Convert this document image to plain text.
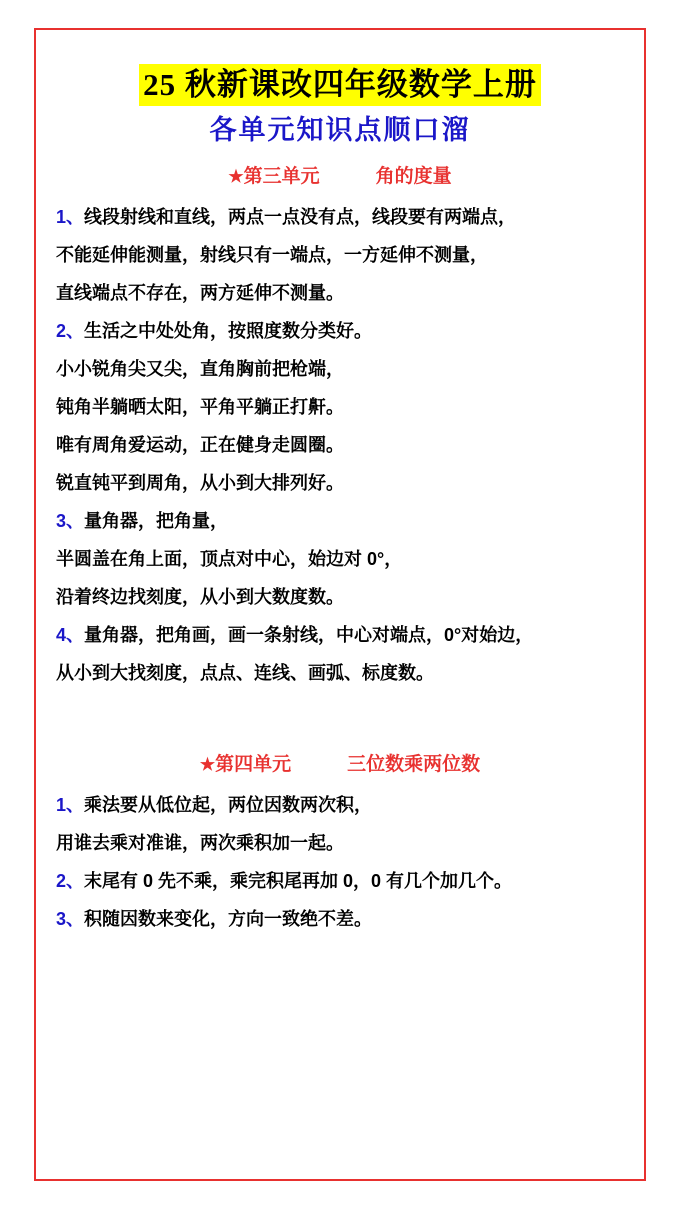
25 秋新课改四年级数学上册
各单元知识点顺口溜
★第三单元	角的度量
1、线段射线和直线，两点一点没有点，线段要有两端点，
不能延伸能测量，射线只有一端点，一方延伸不测量，
直线端点不存在，两方延伸不测量。
2、生活之中处处角，按照度数分类好。
小小锐角尖又尖，直角胸前把枪端，
钝角半躺晒太阳，平角平躺正打鼾。
唯有周角爱运动，正在健身走圆圈。
锐直钝平到周角，从小到大排列好。
3、量角器，把角量，
半圆盖在角上面，顶点对中心，始边对 0°，
沿着终边找刻度，从小到大数度数。
4、量角器，把角画，画一条射线，中心对端点，0°对始边，
从小到大找刻度，点点、连线、画弧、标度数。
★第四单元	三位数乘两位数
1、乘法要从低位起，两位因数两次积，
用谁去乘对准谁，两次乘积加一起。
2、末尾有 0 先不乘，乘完积尾再加 0，0 有几个加几个。
3、积随因数来变化，方向一致绝不差。
